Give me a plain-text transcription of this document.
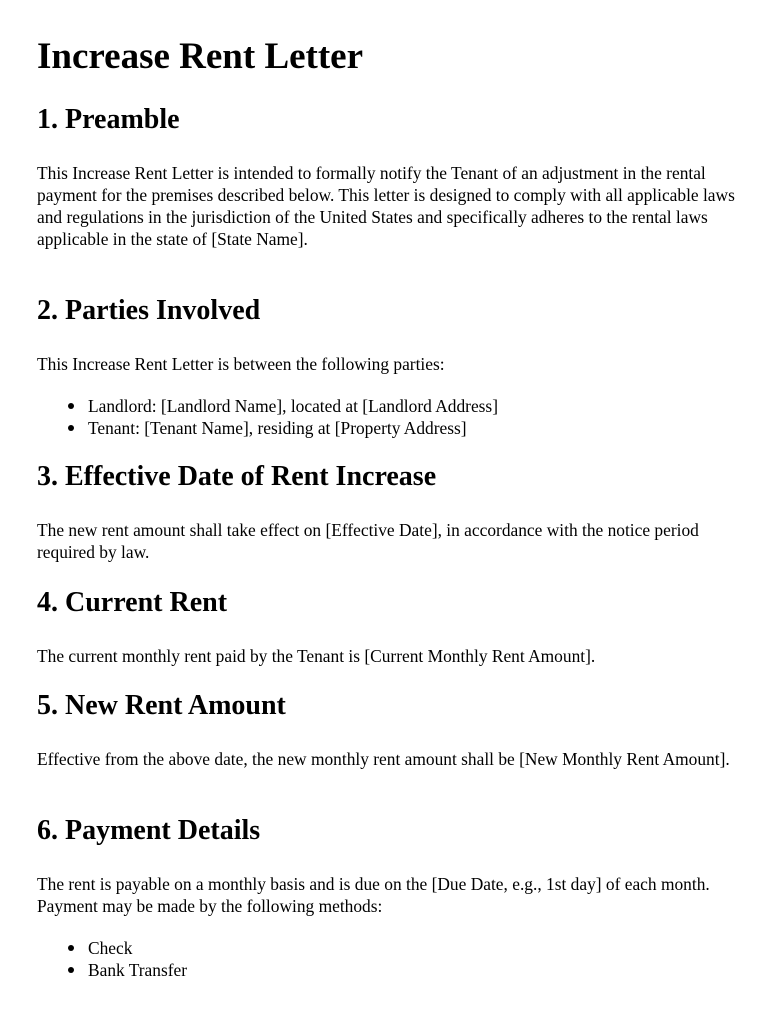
Increase Rent Letter
1. Preamble

This Increase Rent Letter is intended to formally notify the Tenant of an adjustment in the rental payment for the premises described below. This letter is designed to comply with all applicable laws and regulations in the jurisdiction of the United States and specifically adheres to the rental laws applicable in the state of [State Name].

2. Parties Involved

This Increase Rent Letter is between the following parties:

Landlord: [Landlord Name], located at [Landlord Address]
Tenant: [Tenant Name], residing at [Property Address]
3. Effective Date of Rent Increase

The new rent amount shall take effect on [Effective Date], in accordance with the notice period required by law.

4. Current Rent

The current monthly rent paid by the Tenant is [Current Monthly Rent Amount].

5. New Rent Amount

Effective from the above date, the new monthly rent amount shall be [New Monthly Rent Amount].

6. Payment Details

The rent is payable on a monthly basis and is due on the [Due Date, e.g., 1st day] of each month. Payment may be made by the following methods:

Check
Bank Transfer
